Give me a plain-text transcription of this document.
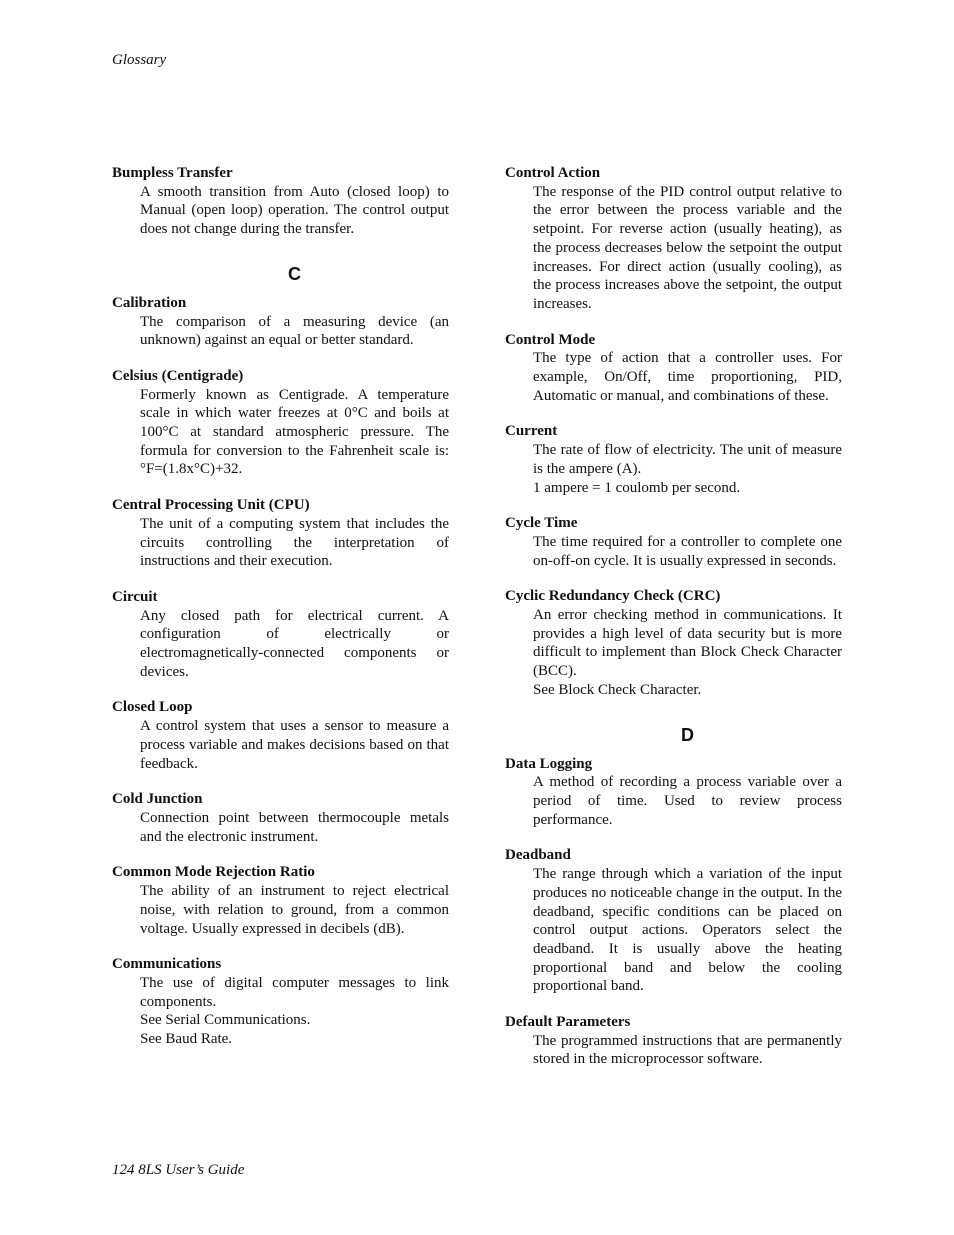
Glossary
Bumpless Transfer
A smooth transition from Auto (closed loop) to Manual (open loop) operation. The control output does not change during the transfer.
C
Calibration
The comparison of a measuring device (an unknown) against an equal or better standard.
Celsius (Centigrade)
Formerly known as Centigrade. A temperature scale in which water freezes at 0°C and boils at 100°C at standard atmospheric pressure. The formula for conversion to the Fahrenheit scale is: °F=(1.8x°C)+32.
Central Processing Unit (CPU)
The unit of a computing system that includes the circuits controlling the interpretation of instructions and their execution.
Circuit
Any closed path for electrical current. A configuration of electrically or electromagnetically-connected components or devices.
Closed Loop
A control system that uses a sensor to measure a process variable and makes decisions based on that feedback.
Cold Junction
Connection point between thermocouple metals and the electronic instrument.
Common Mode Rejection Ratio
The ability of an instrument to reject electrical noise, with relation to ground, from a common voltage. Usually expressed in decibels (dB).
Communications
The use of digital computer messages to link components.
See Serial Communications.
See Baud Rate.
Control Action
The response of the PID control output relative to the error between the process variable and the setpoint. For reverse action (usually heating), as the process decreases below the setpoint the output increases. For direct action (usually cooling), as the process increases above the setpoint, the output increases.
Control Mode
The type of action that a controller uses. For example, On/Off, time proportioning, PID, Automatic or manual, and combinations of these.
Current
The rate of flow of electricity. The unit of measure is the ampere (A).
1 ampere = 1 coulomb per second.
Cycle Time
The time required for a controller to complete one on-off-on cycle. It is usually expressed in seconds.
Cyclic Redundancy Check (CRC)
An error checking method in communications. It provides a high level of data security but is more difficult to implement than Block Check Character (BCC).
See Block Check Character.
D
Data Logging
A method of recording a process variable over a period of time. Used to review process performance.
Deadband
The range through which a variation of the input produces no noticeable change in the output. In the deadband, specific conditions can be placed on control output actions. Operators select the deadband. It is usually above the heating proportional band and below the cooling proportional band.
Default Parameters
The programmed instructions that are permanently stored in the microprocessor software.
124 8LS User’s Guide
